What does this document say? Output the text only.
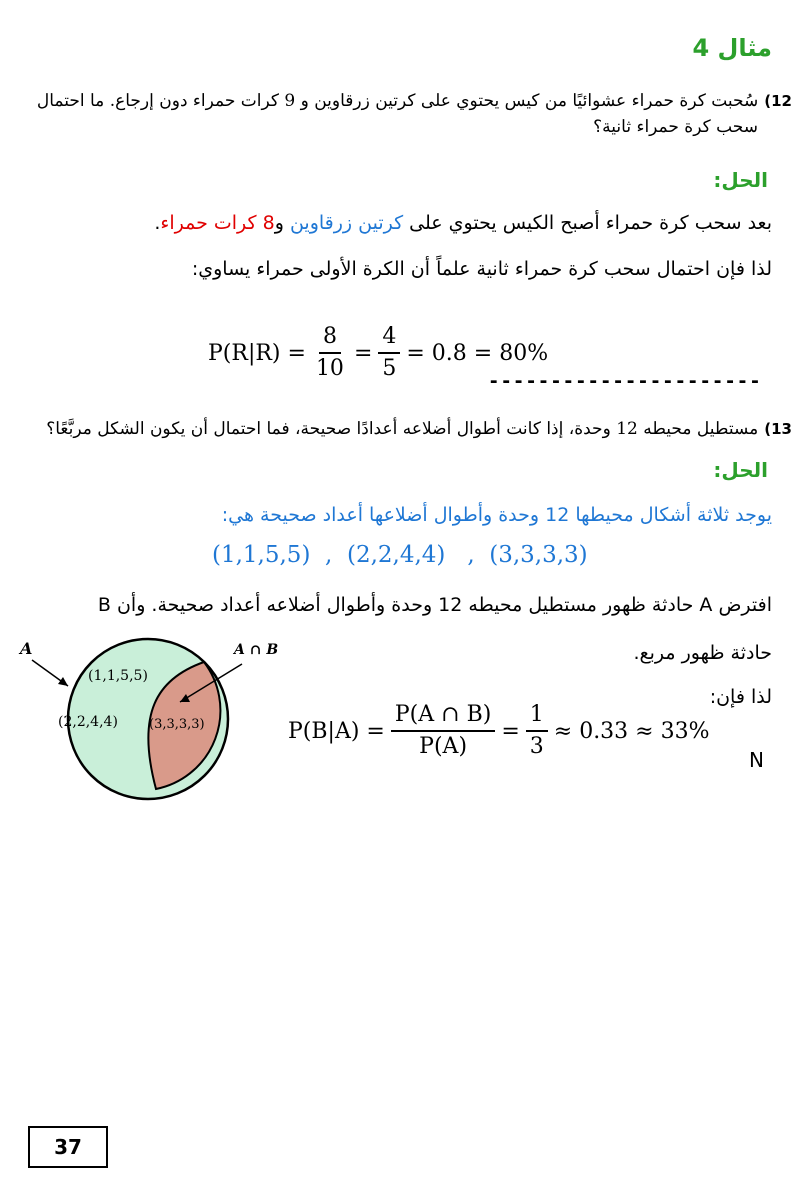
مثال 4
12)سُحبت كرة حمراء عشوائيًا من كيس يحتوي على كرتين زرقاوين و 9 كرات حمراء دون إرجاع. ما احتمال
سحب كرة حمراء ثانية؟
الحل:
بعد سحب كرة حمراء أصبح الكيس يحتوي على كرتين زرقاوين و8 كرات حمراء.
لذا فإن احتمال سحب كرة حمراء ثانية علماً أن الكرة الأولى حمراء يساوي:
$P(R|R) = \frac{8}{10} = \frac{4}{5} = 0.8 = 80\%$
----------------------
13)مستطيل محيطه 12 وحدة، إذا كانت أطوال أضلاعه أعدادًا صحيحة، فما احتمال أن يكون الشكل مربَّعًا؟
الحل:
يوجد ثلاثة أشكال محيطها 12 وحدة وأطوال أضلاعها أعداد صحيحة هي:
(1,1,5,5)  ,  (2,2,4,4)   ,  (3,3,3,3)
افترض A حادثة ظهور مستطيل محيطه 12 وحدة وأطوال أضلاعه أعداد صحيحة. وأن B
حادثة ظهور مربع.
لذا فإن:
A	A ∩ B
(1,1,5,5)
(2,2,4,4) (3,3,3,3)	$P(B|A) = \frac{P(A \cap B)}{P(A)} = \frac{1}{3} \approx 0.33 \approx 33\%$
N
37
